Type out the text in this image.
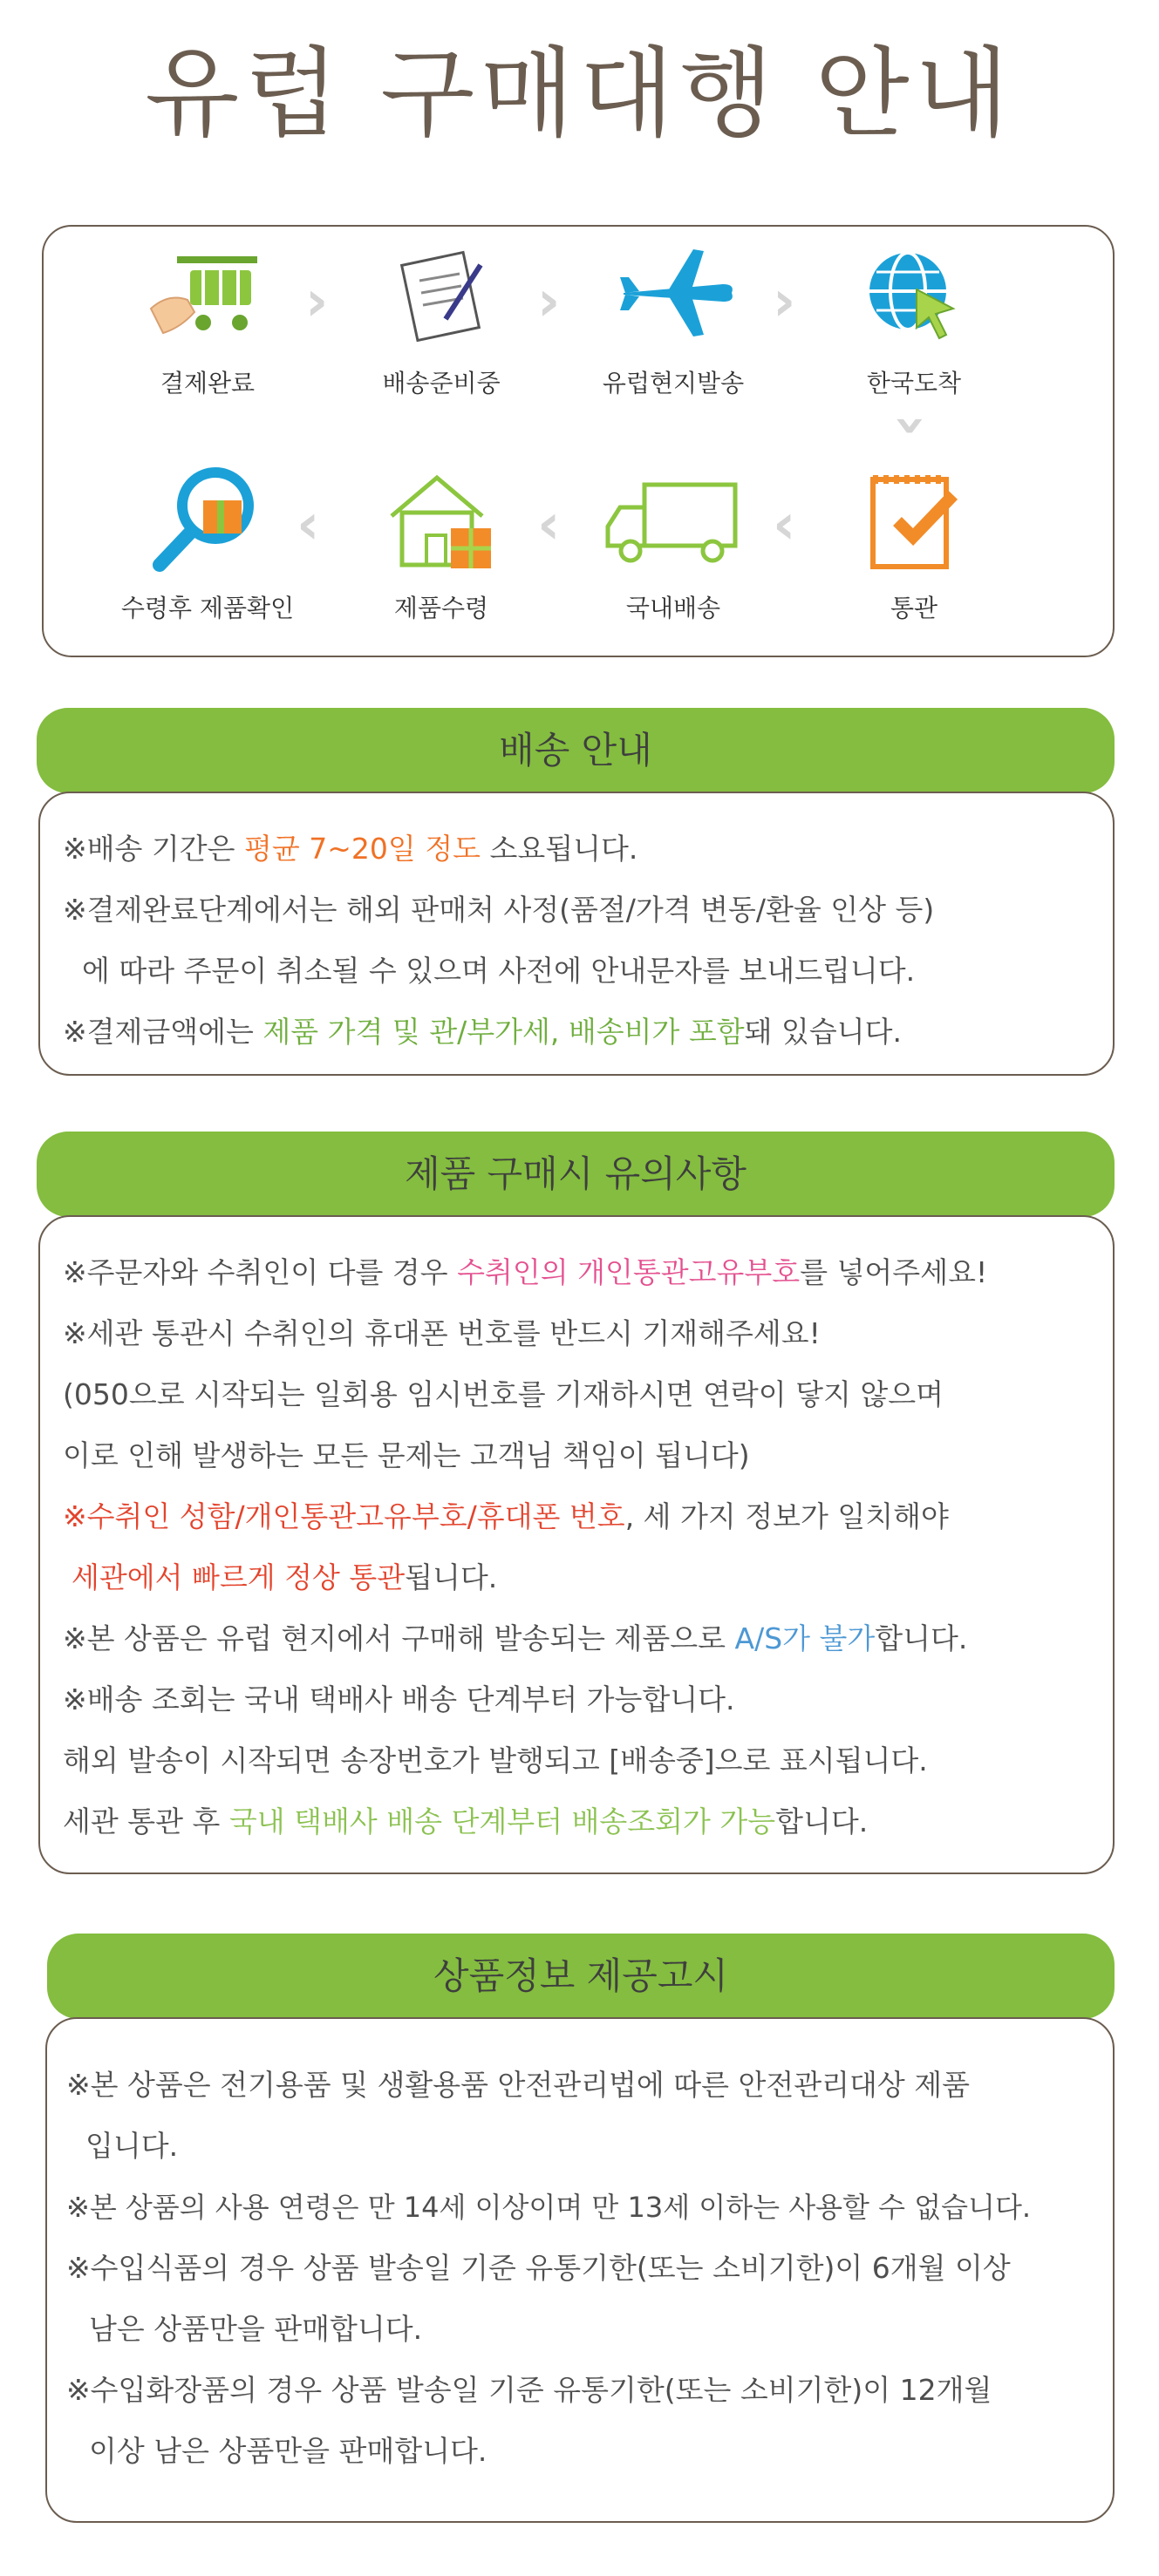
유럽 구매대행 안내
결제완료
›
배송준비중
›
유럽현지발송
›
한국도착
›
수령후 제품확인
‹
제품수령
‹
국내배송
‹
통관
배송 안내
※배송 기간은 평균 7~20일 정도 소요됩니다.
※결제완료단계에서는 해외 판매처 사정(품절/가격 변동/환율 인상 등)
에 따라 주문이 취소될 수 있으며 사전에 안내문자를 보내드립니다.
※결제금액에는 제품 가격 및 관/부가세, 배송비가 포함돼 있습니다.
제품 구매시 유의사항
※주문자와 수취인이 다를 경우 수취인의 개인통관고유부호를 넣어주세요!
※세관 통관시 수취인의 휴대폰 번호를 반드시 기재해주세요!
(050으로 시작되는 일회용 임시번호를 기재하시면 연락이 닿지 않으며
이로 인해 발생하는 모든 문제는 고객님 책임이 됩니다)
※수취인 성함/개인통관고유부호/휴대폰 번호, 세 가지 정보가 일치해야
세관에서 빠르게 정상 통관됩니다.
※본 상품은 유럽 현지에서 구매해 발송되는 제품으로 A/S가 불가합니다.
※배송 조회는 국내 택배사 배송 단계부터 가능합니다.
해외 발송이 시작되면 송장번호가 발행되고 [배송중]으로 표시됩니다.
세관 통관 후 국내 택배사 배송 단계부터 배송조회가 가능합니다.
상품정보 제공고시
※본 상품은 전기용품 및 생활용품 안전관리법에 따른 안전관리대상 제품
입니다.
※본 상품의 사용 연령은 만 14세 이상이며 만 13세 이하는 사용할 수 없습니다.
※수입식품의 경우 상품 발송일 기준 유통기한(또는 소비기한)이 6개월 이상
남은 상품만을 판매합니다.
※수입화장품의 경우 상품 발송일 기준 유통기한(또는 소비기한)이 12개월
이상 남은 상품만을 판매합니다.
